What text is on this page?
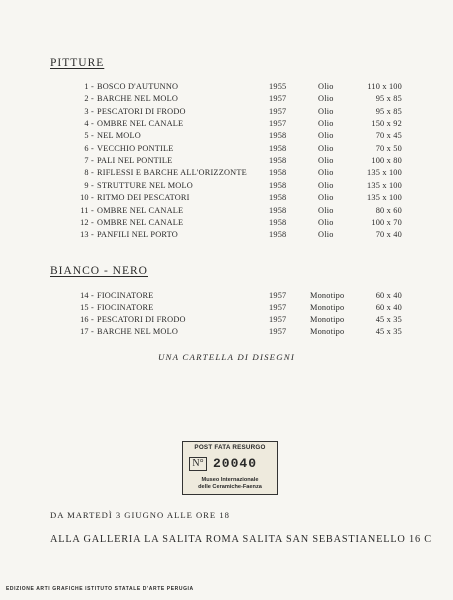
PITTURE
1 - BOSCO D'AUTUNNO	1955	Olio	110 x 100
2 - BARCHE NEL MOLO	1957	Olio	95 x 85
3 - PESCATORI DI FRODO	1957	Olio	95 x 85
4 - OMBRE NEL CANALE	1957	Olio	150 x 92
5 - NEL MOLO	1958	Olio	70 x 45
6 - VECCHIO PONTILE	1958	Olio	70 x 50
7 - PALI NEL PONTILE	1958	Olio	100 x 80
8 - RIFLESSI E BARCHE ALL'ORIZZONTE	1958	Olio	135 x 100
9 - STRUTTURE NEL MOLO	1958	Olio	135 x 100
10 - RITMO DEI PESCATORI	1958	Olio	135 x 100
11 - OMBRE NEL CANALE	1958	Olio	80 x 60
12 - OMBRE NEL CANALE	1958	Olio	100 x 70
13 - PANFILI NEL PORTO	1958	Olio	70 x 40
BIANCO - NERO
14 - FIOCINATORE	1957	Monotipo	60 x 40
15 - FIOCINATORE	1957	Monotipo	60 x 40
16 - PESCATORI DI FRODO	1957	Monotipo	45 x 35
17 - BARCHE NEL MOLO	1957	Monotipo	45 x 35
UNA CARTELLA DI DISEGNI
POST FATA RESURGO
N° 20040
Museo Internazionale
delle Ceramiche-Faenza
DA MARTEDÌ 3 GIUGNO ALLE ORE 18
ALLA GALLERIA LA SALITA ROMA SALITA SAN SEBASTIANELLO 16 C
EDIZIONE ARTI GRAFICHE ISTITUTO STATALE D'ARTE PERUGIA
